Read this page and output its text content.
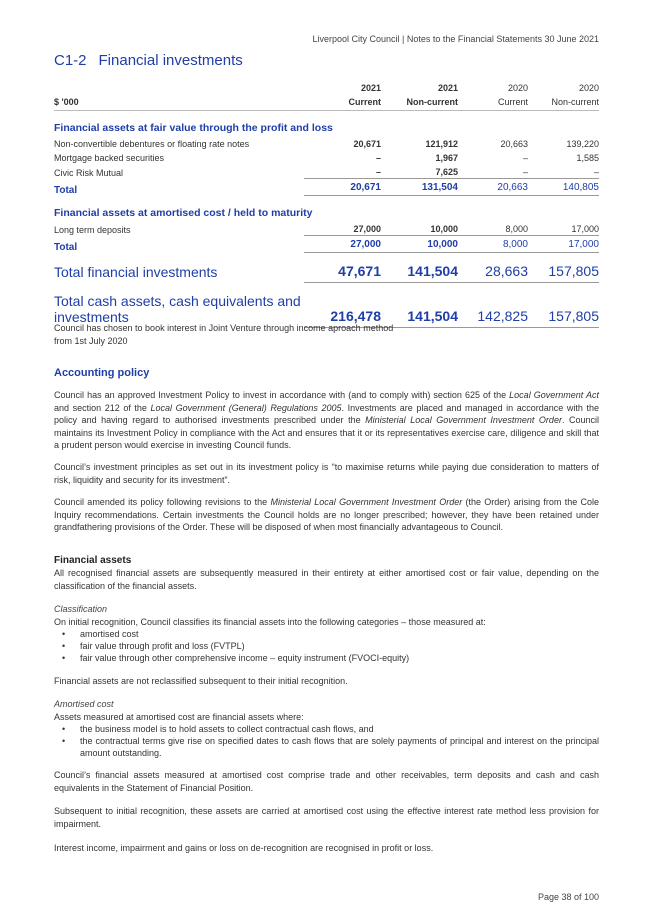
Liverpool City Council | Notes to the Financial Statements 30 June 2021
C1-2 Financial investments
	2021	2021	2020	2020
$ '000	Current	Non-current	Current	Non-current
Financial assets at fair value through the profit and loss				
Non-convertible debentures or floating rate notes	20,671	121,912	20,663	139,220
Mortgage backed securities	–	1,967	–	1,585
Civic Risk Mutual	–	7,625	–	–
Total	20,671	131,504	20,663	140,805
Financial assets at amortised cost / held to maturity				
Long term deposits	27,000	10,000	8,000	17,000
Total	27,000	10,000	8,000	17,000
Total financial investments	47,671	141,504	28,663	157,805
Total cash assets, cash equivalents and
investments	216,478	141,504	142,825	157,805

Council has chosen to book interest in Joint Venture through income aproach method
from 1st July 2020

Accounting policy

Council has an approved Investment Policy to invest in accordance with (and to comply with) section 625 of the Local Government Act and section 212 of the Local Government (General) Regulations 2005. Investments are placed and managed in accordance with the policy and having regard to authorised investments prescribed under the Ministerial Local Government Investment Order. Council maintains its Investment Policy in compliance with the Act and ensures that it or its representatives exercise care, diligence and skill that a prudent person would exercise in investing Council funds.

Council’s investment principles as set out in its investment policy is “to maximise returns while paying due consideration to matters of risk, liquidity and security for its investment”.

Council amended its policy following revisions to the Ministerial Local Government Investment Order (the Order) arising from the Cole Inquiry recommendations. Certain investments the Council holds are no longer prescribed; however, they have been retained under grandfathering provisions of the Order. These will be disposed of when most financially advantageous to Council.

Financial assets

All recognised financial assets are subsequently measured in their entirety at either amortised cost or fair value, depending on the classification of the financial assets.

Classification

On initial recognition, Council classifies its financial assets into the following categories – those measured at:

• amortised cost
• fair value through profit and loss (FVTPL)
• fair value through other comprehensive income – equity instrument (FVOCI-equity)

Financial assets are not reclassified subsequent to their initial recognition.

Amortised cost

Assets measured at amortised cost are financial assets where:

• the business model is to hold assets to collect contractual cash flows, and
• the contractual terms give rise on specified dates to cash flows that are solely payments of principal and interest on the principal amount outstanding.

Council’s financial assets measured at amortised cost comprise trade and other receivables, term deposits and cash and cash equivalents in the Statement of Financial Position.

Subsequent to initial recognition, these assets are carried at amortised cost using the effective interest rate method less provision for impairment.

Interest income, impairment and gains or loss on de-recognition are recognised in profit or loss.

Page 38 of 100
